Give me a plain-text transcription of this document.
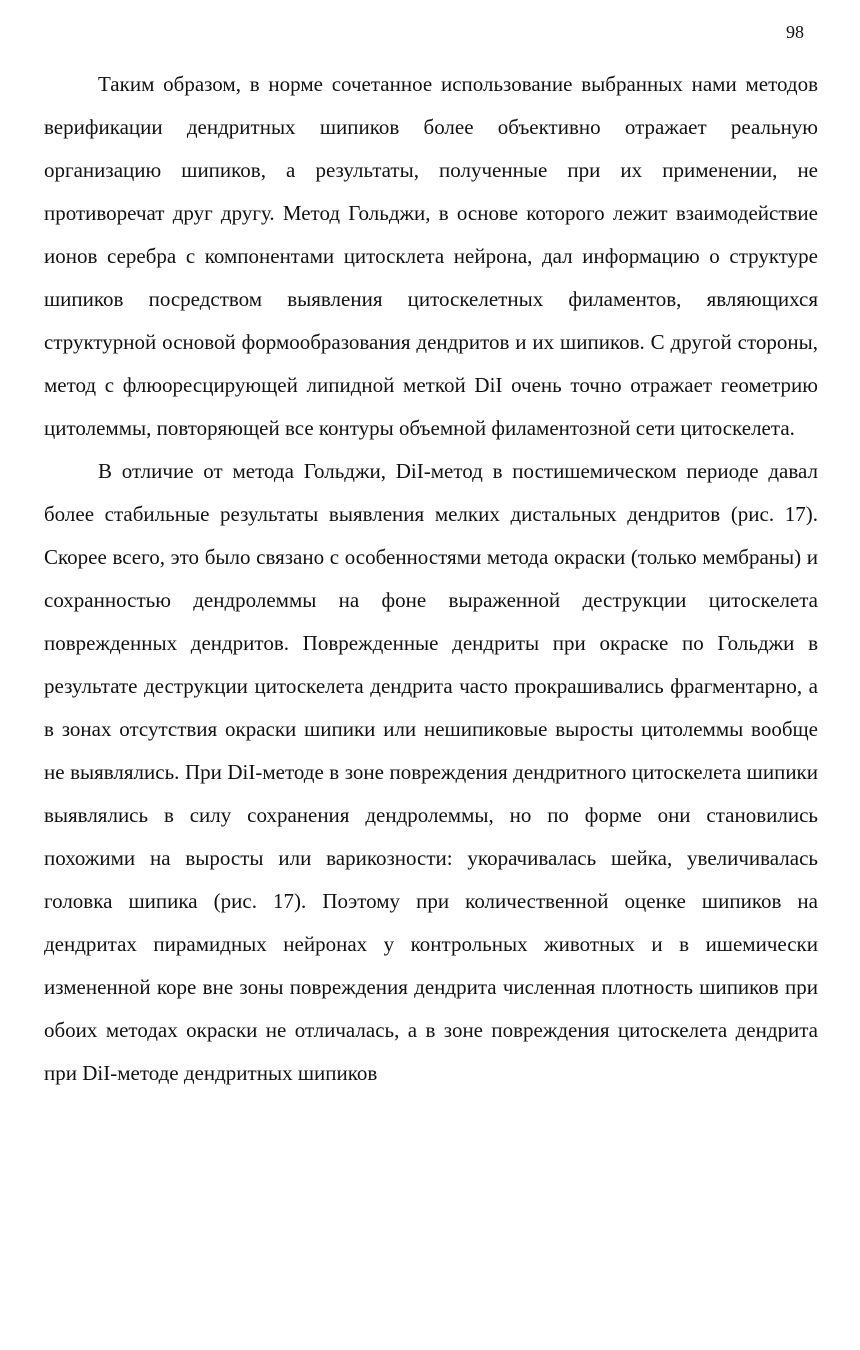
98

Таким образом, в норме сочетанное использование выбранных нами методов верификации дендритных шипиков более объективно отражает реальную организацию шипиков, а результаты, полученные при их применении, не противоречат друг другу. Метод Гольджи, в основе которого лежит взаимодействие ионов серебра с компонентами цитосклета нейрона, дал информацию о структуре шипиков посредством выявления цитоскелетных филаментов, являющихся структурной основой формообразования дендритов и их шипиков. С другой стороны, метод с флюоресцирующей липидной меткой DiI очень точно отражает геометрию цитолеммы, повторяющей все контуры объемной филаментозной сети цитоскелета.

В отличие от метода Гольджи, DiI-метод в постишемическом периоде давал более стабильные результаты выявления мелких дистальных дендритов (рис. 17). Скорее всего, это было связано с особенностями метода окраски (только мембраны) и сохранностью дендролеммы на фоне выраженной деструкции цитоскелета поврежденных дендритов. Поврежденные дендриты при окраске по Гольджи в результате деструкции цитоскелета дендрита часто прокрашивались фрагментарно, а в зонах отсутствия окраски шипики или нешипиковые выросты цитолеммы вообще не выявлялись. При DiI-методе в зоне повреждения дендритного цитоскелета шипики выявлялись в силу сохранения дендролеммы, но по форме они становились похожими на выросты или варикозности: укорачивалась шейка, увеличивалась головка шипика (рис. 17). Поэтому при количественной оценке шипиков на дендритах пирамидных нейронах у контрольных животных и в ишемически измененной коре вне зоны повреждения дендрита численная плотность шипиков при обоих методах окраски не отличалась, а в зоне повреждения цитоскелета дендрита при DiI-методе дендритных шипиков
